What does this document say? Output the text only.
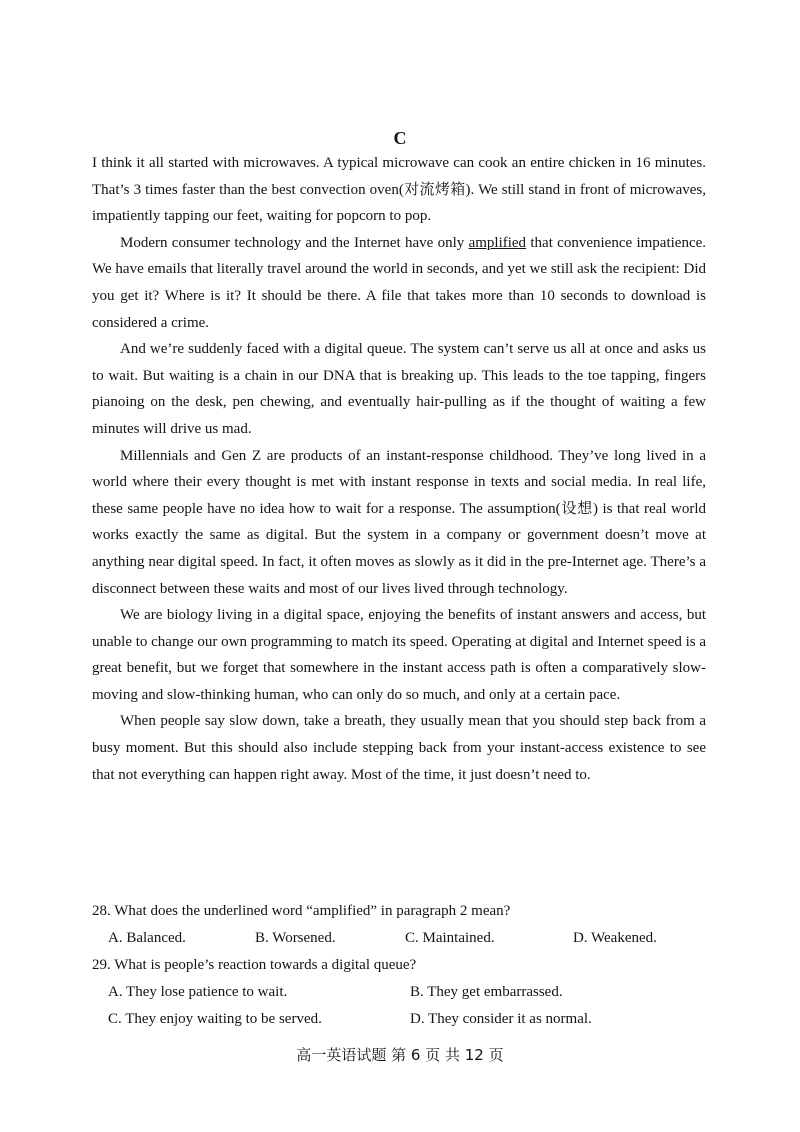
C

I think it all started with microwaves. A typical microwave can cook an entire chicken in 16 minutes. That’s 3 times faster than the best convection oven(对流烤箱). We still stand in front of microwaves, impatiently tapping our feet, waiting for popcorn to pop.

Modern consumer technology and the Internet have only amplified that convenience impatience. We have emails that literally travel around the world in seconds, and yet we still ask the recipient: Did you get it? Where is it? It should be there. A file that takes more than 10 seconds to download is considered a crime.

And we’re suddenly faced with a digital queue. The system can’t serve us all at once and asks us to wait. But waiting is a chain in our DNA that is breaking up. This leads to the toe tapping, fingers pianoing on the desk, pen chewing, and eventually hair-pulling as if the thought of waiting a few minutes will drive us mad.

Millennials and Gen Z are products of an instant-response childhood. They’ve long lived in a world where their every thought is met with instant response in texts and social media. In real life, these same people have no idea how to wait for a response. The assumption(设想) is that real world works exactly the same as digital. But the system in a company or government doesn’t move at anything near digital speed. In fact, it often moves as slowly as it did in the pre-Internet age. There’s a disconnect between these waits and most of our lives lived through technology.

We are biology living in a digital space, enjoying the benefits of instant answers and access, but unable to change our own programming to match its speed. Operating at digital and Internet speed is a great benefit, but we forget that somewhere in the instant access path is often a comparatively slow-moving and slow-thinking human, who can only do so much, and only at a certain pace.

When people say slow down, take a breath, they usually mean that you should step back from a busy moment. But this should also include stepping back from your instant-access existence to see that not everything can happen right away. Most of the time, it just doesn’t need to.

28. What does the underlined word “amplified” in paragraph 2 mean?

A. Balanced.	B. Worsened.	C. Maintained.	D. Weakened.

29. What is people’s reaction towards a digital queue?

A. They lose patience to wait.	B. They get embarrassed.
C. They enjoy waiting to be served.	D. They consider it as normal.
高一英语试题 第 6 页 共 12 页
